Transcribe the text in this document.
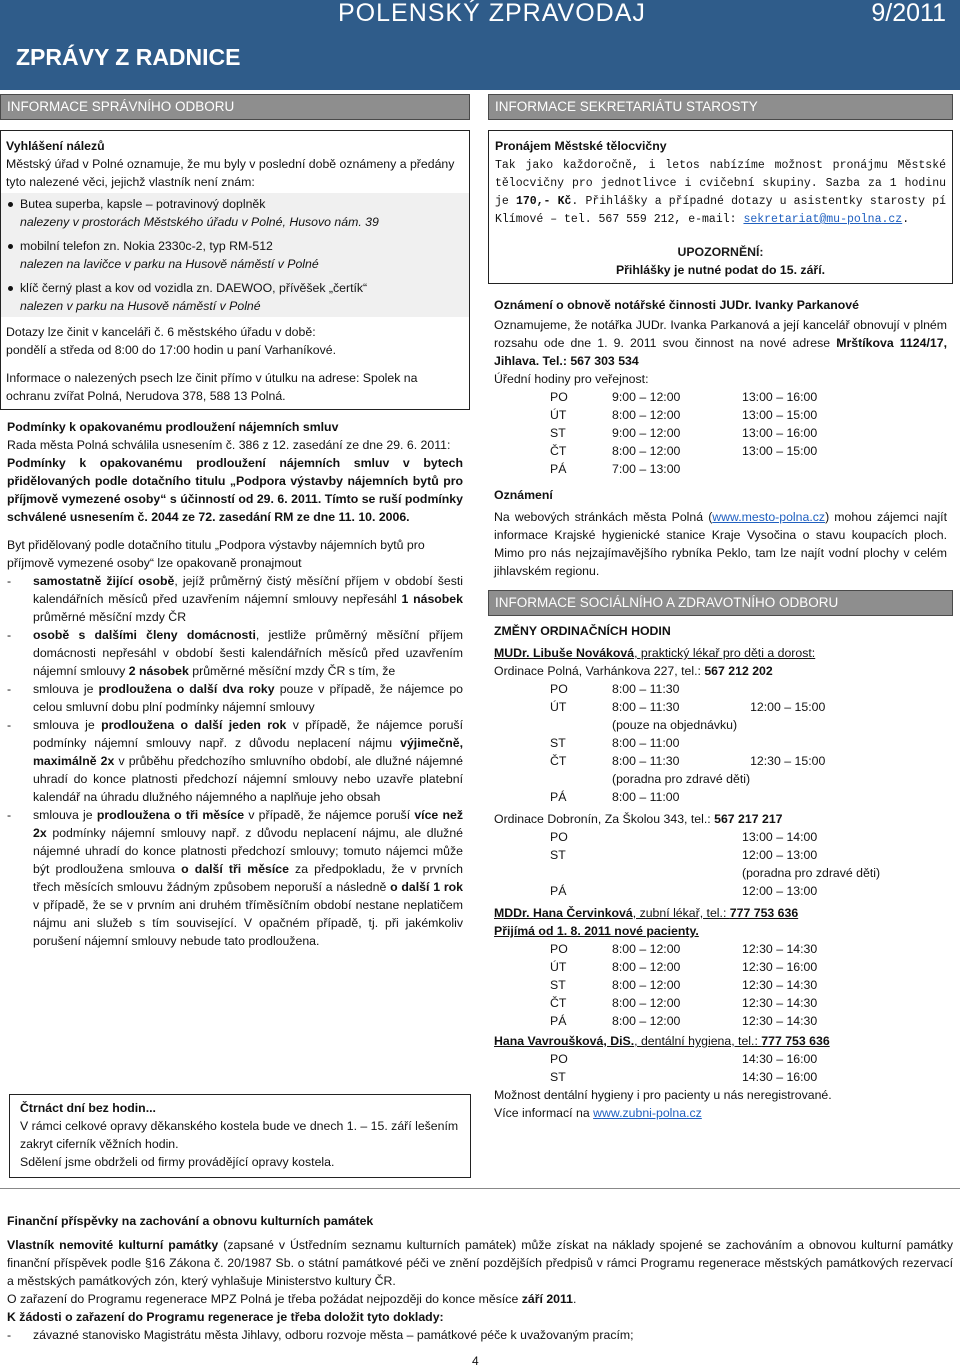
POLENSKÝ ZPRAVODAJ	9/2011
ZPRÁVY Z RADNICE
INFORMACE SPRÁVNÍHO ODBORU

Vyhlášení nálezů

Městský úřad v Polné oznamuje, že mu byly v poslední době oznámeny a předány tyto nalezené věci, jejichž vlastník není znám:

Butea superba, kapsle – potravinový doplněk

nalezeny v prostorách Městského úřadu v Polné, Husovo nám. 39

mobilní telefon zn. Nokia 2330c-2, typ RM-512

nalezen na lavičce v parku na Husově náměstí v Polné

klíč černý plast a kov od vozidla zn. DAEWOO, přívěšek „čertík“

nalezen v parku na Husově náměstí v Polné

Dotazy lze činit v kanceláři č. 6 městského úřadu v době:

pondělí a středa od 8:00 do 17:00 hodin u paní Varhaníkové.

Informace o nalezených psech lze činit přímo v útulku na adrese: Spolek na ochranu zvířat Polná, Nerudova 378, 588 13 Polná.

Podmínky k opakovanému prodloužení nájemních smluv

Rada města Polná schválila usnesením č. 386 z 12. zasedání ze dne 29. 6. 2011:

Podmínky k opakovanému prodloužení nájemních smluv v bytech přidělovaných podle dotačního titulu „Podpora výstavby nájemních bytů pro příjmově vymezené osoby“ s účinností od 29. 6. 2011. Tímto se ruší podmínky schválené usnesením č. 2044 ze 72. zasedání RM ze dne 11. 10. 2006.

Byt přidělovaný podle dotačního titulu „Podpora výstavby nájemních bytů pro příjmově vymezené osoby“ lze opakovaně pronajmout

- samostatně žijící osobě, jejíž průměrný čistý měsíční příjem v období šesti kalendářních měsíců před uzavřením nájemní smlouvy nepřesáhl 1 násobek průměrné měsíční mzdy ČR
- osobě s dalšími členy domácnosti, jestliže průměrný měsíční příjem domácnosti nepřesáhl v období šesti kalendářních měsíců před uzavřením nájemní smlouvy 2 násobek průměrné měsíční mzdy ČR s tím, že
- smlouva je prodloužena o další dva roky pouze v případě, že nájemce po celou smluvní dobu plní podmínky nájemní smlouvy
- smlouva je prodloužena o další jeden rok v případě, že nájemce poruší podmínky nájemní smlouvy např. z důvodu neplacení nájmu výjimečně, maximálně 2x v průběhu předchozího smluvního období, ale dlužné nájemné uhradí do konce platnosti předchozí nájemní smlouvy nebo uzavře platební kalendář na úhradu dlužného nájemného a naplňuje jeho obsah
- smlouva je prodloužena o tři měsíce v případě, že nájemce poruší více než 2x podmínky nájemní smlouvy např. z důvodu neplacení nájmu, ale dlužné nájemné uhradí do konce platnosti předchozí smlouvy; tomuto nájemci může být prodloužena smlouva o další tři měsíce za předpokladu, že v prvních třech měsících smlouvu žádným způsobem neporuší a následně o další 1 rok v případě, že se v prvním ani druhém tříměsíčním období nestane neplatičem nájmu ani služeb s tím související. V opačném případě, tj. při jakémkoliv porušení nájemní smlouvy nebude tato prodloužena.

Čtrnáct dní bez hodin...

V rámci celkové opravy děkanského kostela bude ve dnech 1. – 15. září lešením zakryt ciferník věžních hodin.

Sdělení jsme obdrželi od firmy provádějící opravy kostela.

INFORMACE SEKRETARIÁTU STAROSTY

Pronájem Městské tělocvičny

Tak jako každoročně, i letos nabízíme možnost pronájmu Městské tělocvičny pro jednotlivce i cvičební skupiny. Sazba za 1 hodinu je 170,- Kč. Přihlášky a případné dotazy u asistentky starosty pí Klímové – tel. 567 559 212, e-mail: sekretariat@mu-polna.cz.

UPOZORNĚNÍ:

Přihlášky je nutné podat do 15. září.

Oznámení o obnově notářské činnosti JUDr. Ivanky Parkanové

Oznamujeme, že notářka JUDr. Ivanka Parkanová a její kancelář obnovují v plném rozsahu ode dne 1. 9. 2011 svou činnost na nové adrese Mrštíkova 1124/17, Jihlava. Tel.: 567 303 534

Úřední hodiny pro veřejnost:

PO	9:00 – 12:00	13:00 – 16:00
ÚT	8:00 – 12:00	13:00 – 15:00
ST	9:00 – 12:00	13:00 – 16:00
ČT	8:00 – 12:00	13:00 – 15:00
PÁ	7:00 – 13:00	

Oznámení

Na webových stránkách města Polná (www.mesto-polna.cz) mohou zájemci najít informace Krajské hygienické stanice Kraje Vysočina o stavu koupacích ploch. Mimo pro nás nejzajímavějšího rybníka Peklo, tam lze najít vodní plochy v celém jihlavském regionu.

INFORMACE SOCIÁLNÍHO A ZDRAVOTNÍHO ODBORU

ZMĚNY ORDINAČNÍCH HODIN

MUDr. Libuše Nováková, praktický lékař pro děti a dorost:

Ordinace Polná, Varhánkova 227, tel.: 567 212 202

PO	8:00 – 11:30	
ÚT	8:00 – 11:30	12:00 – 15:00
	(pouze na objednávku)	
ST	8:00 – 11:00	
ČT	8:00 – 11:30	12:30 – 15:00
	(poradna pro zdravé děti)	
PÁ	8:00 – 11:00	

Ordinace Dobronín, Za Školou 343, tel.: 567 217 217

PO		13:00 – 14:00
ST		12:00 – 13:00
		(poradna pro zdravé děti)
PÁ		12:00 – 13:00

MDDr. Hana Červinková, zubní lékař, tel.: 777 753 636

Přijímá od 1. 8. 2011 nové pacienty.

PO	8:00 – 12:00	12:30 – 14:30
ÚT	8:00 – 12:00	12:30 – 16:00
ST	8:00 – 12:00	12:30 – 14:30
ČT	8:00 – 12:00	12:30 – 14:30
PÁ	8:00 – 12:00	12:30 – 14:30

Hana Vavroušková, DiS., dentální hygiena, tel.: 777 753 636

PO		14:30 – 16:00
ST		14:30 – 16:00

Možnost dentální hygieny i pro pacienty u nás neregistrované.

Více informací na www.zubni-polna.cz

Finanční příspěvky na zachování a obnovu kulturních památek

Vlastník nemovité kulturní památky (zapsané v Ústředním seznamu kulturních památek) může získat na náklady spojené se zachováním a obnovou kulturní památky finanční příspěvek podle §16 Zákona č. 20/1987 Sb. o státní památkové péči ve znění pozdějších předpisů v rámci Programu regenerace městských památkových rezervací a městských památkových zón, který vyhlašuje Ministerstvo kultury ČR.

O zařazení do Programu regenerace MPZ Polná je třeba požádat nejpozději do konce měsíce září 2011.

K žádosti o zařazení do Programu regenerace je třeba doložit tyto doklady:

- závazné stanovisko Magistrátu města Jihlavy, odboru rozvoje města – památkové péče k uvažovaným pracím;
4
